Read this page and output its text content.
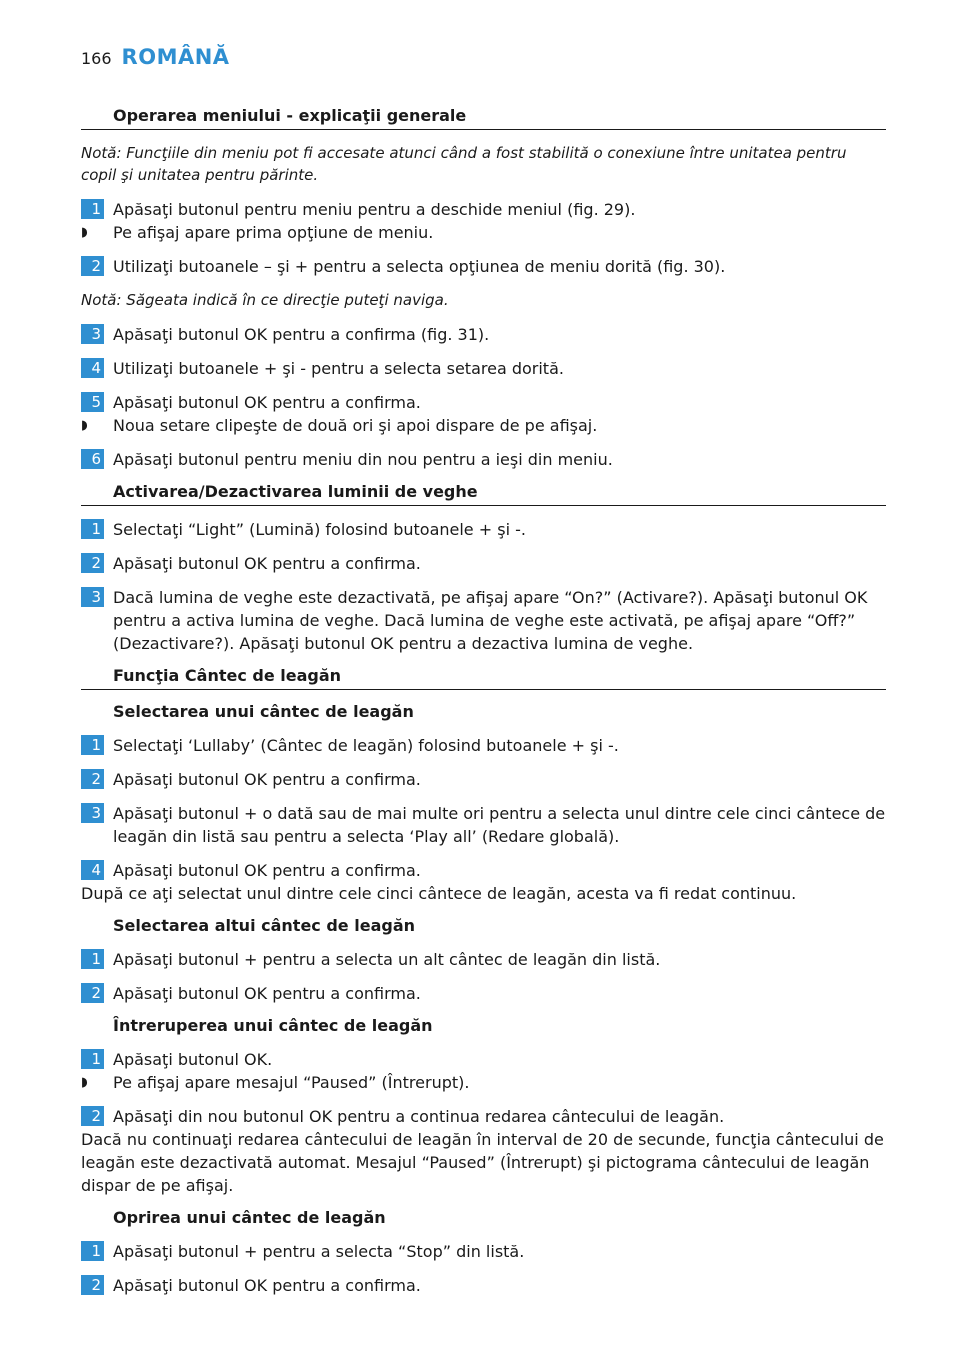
166 ROMÂNĂ
Operarea meniului - explicaţii generale
Notă: Funcţiile din meniu pot fi accesate atunci când a fost stabilită o conexiune între unitatea pentru copil şi unitatea pentru părinte.
1 Apăsaţi butonul pentru meniu pentru a deschide meniul (fig. 29).
◗ Pe afişaj apare prima opţiune de meniu.
2 Utilizaţi butoanele – şi + pentru a selecta opţiunea de meniu dorită (fig. 30).
Notă: Săgeata indică în ce direcţie puteţi naviga.
3 Apăsaţi butonul OK pentru a confirma (fig. 31).
4 Utilizaţi butoanele + şi - pentru a selecta setarea dorită.
5 Apăsaţi butonul OK pentru a confirma.
◗ Noua setare clipeşte de două ori şi apoi dispare de pe afişaj.
6 Apăsaţi butonul pentru meniu din nou pentru a ieşi din meniu.
Activarea/Dezactivarea luminii de veghe
1 Selectaţi “Light” (Lumină) folosind butoanele + şi -.
2 Apăsaţi butonul OK pentru a confirma.
3 Dacă lumina de veghe este dezactivată, pe afişaj apare “On?” (Activare?). Apăsaţi butonul OK pentru a activa lumina de veghe. Dacă lumina de veghe este activată, pe afişaj apare “Off?” (Dezactivare?). Apăsaţi butonul OK pentru a dezactiva lumina de veghe.
Funcţia Cântec de leagăn
Selectarea unui cântec de leagăn
1 Selectaţi ‘Lullaby’ (Cântec de leagăn) folosind butoanele + şi -.
2 Apăsaţi butonul OK pentru a confirma.
3 Apăsaţi butonul + o dată sau de mai multe ori pentru a selecta unul dintre cele cinci cântece de leagăn din listă sau pentru a selecta ‘Play all’ (Redare globală).
4 Apăsaţi butonul OK pentru a confirma.
După ce aţi selectat unul dintre cele cinci cântece de leagăn, acesta va fi redat continuu.
Selectarea altui cântec de leagăn
1 Apăsaţi butonul + pentru a selecta un alt cântec de leagăn din listă.
2 Apăsaţi butonul OK pentru a confirma.
Întreruperea unui cântec de leagăn
1 Apăsaţi butonul OK.
◗ Pe afişaj apare mesajul “Paused” (Întrerupt).
2 Apăsaţi din nou butonul OK pentru a continua redarea cântecului de leagăn.
Dacă nu continuaţi redarea cântecului de leagăn în interval de 20 de secunde, funcţia cântecului de leagăn este dezactivată automat. Mesajul “Paused” (Întrerupt) şi pictograma cântecului de leagăn dispar de pe afişaj.
Oprirea unui cântec de leagăn
1 Apăsaţi butonul + pentru a selecta “Stop” din listă.
2 Apăsaţi butonul OK pentru a confirma.
